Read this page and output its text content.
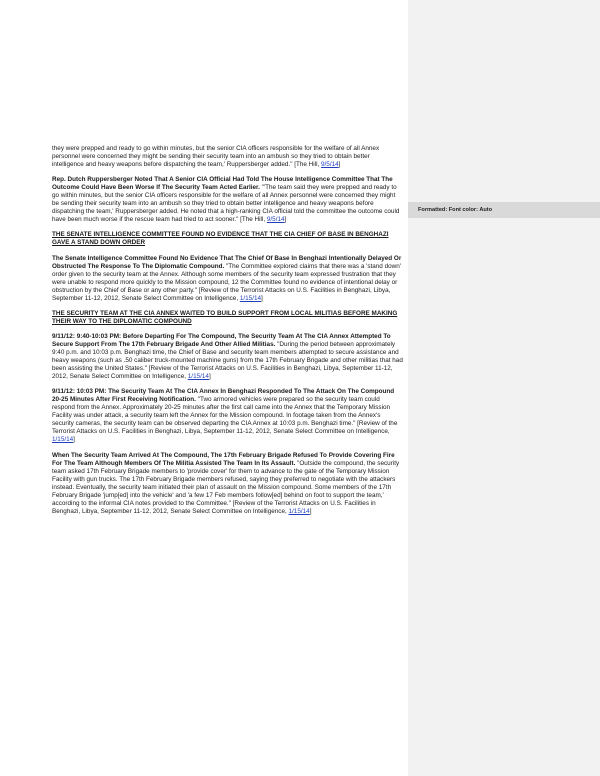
Formatted: Font color: Auto

they were prepped and ready to go within minutes, but the senior CIA officers responsible for the welfare of all Annex personnel were concerned they might be sending their security team into an ambush so they tried to obtain better intelligence and heavy weapons before dispatching the team,' Ruppersberger added." [The Hill, 9/5/14]

Rep. Dutch Ruppersberger Noted That A Senior CIA Official Had Told The House Intelligence Committee That The Outcome Could Have Been Worse If The Security Team Acted Earlier. "'The team said they were prepped and ready to go within minutes, but the senior CIA officers responsible for the welfare of all Annex personnel were concerned they might be sending their security team into an ambush so they tried to obtain better intelligence and heavy weapons before dispatching the team,' Ruppersberger added. He noted that a high-ranking CIA official told the committee the outcome could have been much worse if the rescue team had tried to act sooner." [The Hill, 9/5/14]

THE SENATE INTELLIGENCE COMMITTEE FOUND NO EVIDENCE THAT THE CIA CHIEF OF BASE IN BENGHAZI GAVE A STAND DOWN ORDER

The Senate Intelligence Committee Found No Evidence That The Chief Of Base In Benghazi Intentionally Delayed Or Obstructed The Response To The Diplomatic Compound. "The Committee explored claims that there was a 'stand down' order given to the security team at the Annex. Although some members of the security team expressed frustration that they were unable to respond more quickly to the Mission compound, 12 the Committee found no evidence of intentional delay or obstruction by the Chief of Base or any other party." [Review of the Terrorist Attacks on U.S. Facilities in Benghazi, Libya, September 11-12, 2012, Senate Select Committee on Intelligence, 1/15/14]

THE SECURITY TEAM AT THE CIA ANNEX WAITED TO BUILD SUPPORT FROM LOCAL MILITIAS BEFORE MAKING THEIR WAY TO THE DIPLOMATIC COMPOUND

9/11/12: 9:40-10:03 PM: Before Departing For The Compound, The Security Team At The CIA Annex Attempted To Secure Support From The 17th February Brigade And Other Allied Militias. "During the period between approximately 9:40 p.m. and 10:03 p.m. Benghazi time, the Chief of Base and security team members attempted to secure assistance and heavy weapons (such as .50 caliber truck-mounted machine guns) from the 17th February Brigade and other militias that had been assisting the United States." [Review of the Terrorist Attacks on U.S. Facilities in Benghazi, Libya, September 11-12, 2012, Senate Select Committee on Intelligence, 1/15/14]

9/11/12: 10:03 PM: The Security Team At The CIA Annex In Benghazi Responded To The Attack On The Compound 20-25 Minutes After First Receiving Notification. "Two armored vehicles were prepared so the security team could respond from the Annex. Approximately 20-25 minutes after the first call came into the Annex that the Temporary Mission Facility was under attack, a security team left the Annex for the Mission compound. In footage taken from the Annex's security cameras, the security team can be observed departing the CIA Annex at 10:03 p.m. Benghazi time." [Review of the Terrorist Attacks on U.S. Facilities in Benghazi, Libya, September 11-12, 2012, Senate Select Committee on Intelligence, 1/15/14]

When The Security Team Arrived At The Compound, The 17th February Brigade Refused To Provide Covering Fire For The Team Although Members Of The Militia Assisted The Team In Its Assault. "Outside the compound, the security team asked 17th February Brigade members to 'provide cover' for them to advance to the gate of the Temporary Mission Facility with gun trucks. The 17th February Brigade members refused, saying they preferred to negotiate with the attackers instead. Eventually, the security team initiated their plan of assault on the Mission compound. Some members of the 17th February Brigade 'jump[ed] into the vehicle' and 'a few 17 Feb members follow[ed] behind on foot to support the team,' according to the informal CIA notes provided to the Committee." [Review of the Terrorist Attacks on U.S. Facilities in Benghazi, Libya, September 11-12, 2012, Senate Select Committee on Intelligence, 1/15/14]
